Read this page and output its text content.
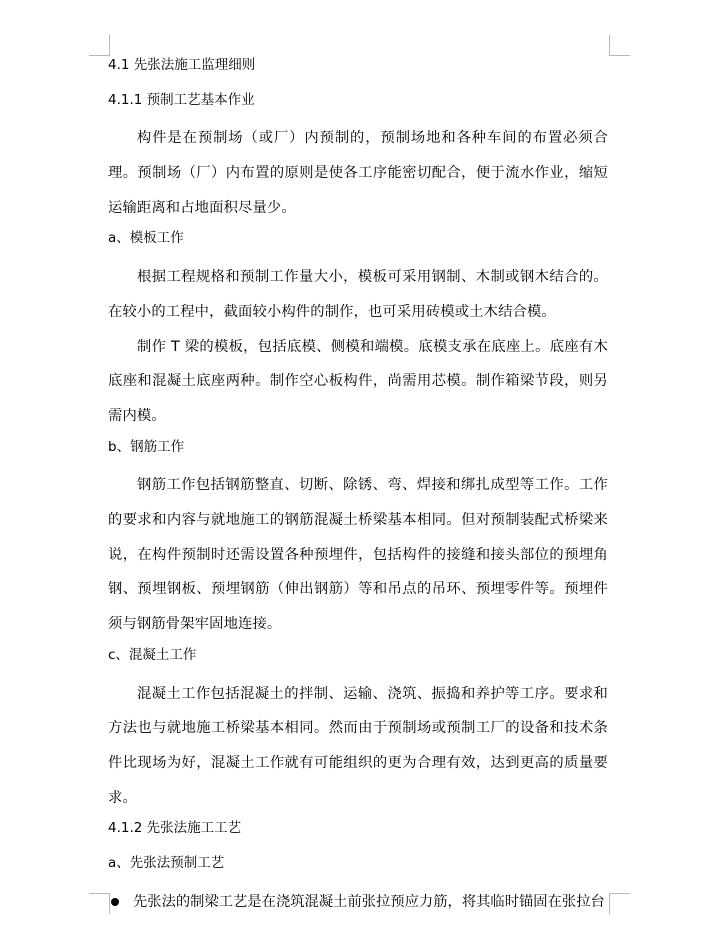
4.1 先张法施工监理细则
4.1.1 预制工艺基本作业
构件是在预制场（或厂）内预制的，预制场地和各种车间的布置必须合理。预制场（厂）内布置的原则是使各工序能密切配合，便于流水作业，缩短运输距离和占地面积尽量少。
a、模板工作
根据工程规格和预制工作量大小，模板可采用钢制、木制或钢木结合的。在较小的工程中，截面较小构件的制作，也可采用砖模或土木结合模。
制作 T 梁的模板，包括底模、侧模和端模。底模支承在底座上。底座有木底座和混凝土底座两种。制作空心板构件，尚需用芯模。制作箱梁节段，则另需内模。
b、钢筋工作
钢筋工作包括钢筋整直、切断、除锈、弯、焊接和绑扎成型等工作。工作的要求和内容与就地施工的钢筋混凝土桥梁基本相同。但对预制装配式桥梁来说，在构件预制时还需设置各种预埋件，包括构件的接缝和接头部位的预埋角钢、预埋钢板、预埋钢筋（伸出钢筋）等和吊点的吊环、预埋零件等。预埋件须与钢筋骨架牢固地连接。
c、混凝土工作
混凝土工作包括混凝土的拌制、运输、浇筑、振捣和养护等工序。要求和方法也与就地施工桥梁基本相同。然而由于预制场或预制工厂的设备和技术条件比现场为好，混凝土工作就有可能组织的更为合理有效，达到更高的质量要求。
4.1.2 先张法施工工艺
a、先张法预制工艺
先张法的制梁工艺是在浇筑混凝土前张拉预应力筋，将其临时锚固在张拉台
